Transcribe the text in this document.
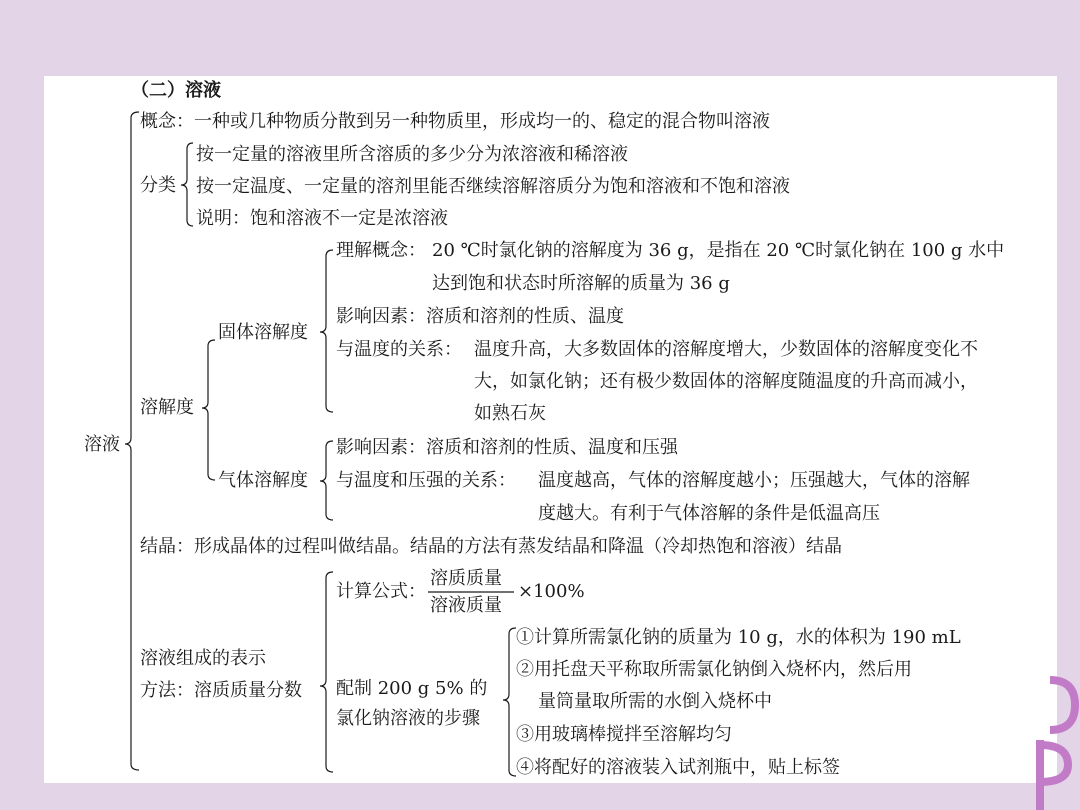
（二）溶液
溶液
概念： 一种或几种物质分散到另一种物质里，形成均一的、稳定的混合物叫溶液
分类
按一定量的溶液里所含溶质的多少分为浓溶液和稀溶液
按一定温度、一定量的溶剂里能否继续溶解溶质分为饱和溶液和不饱和溶液
说明：饱和溶液不一定是浓溶液
溶解度
固体溶解度
理解概念： 20 ℃时氯化钠的溶解度为 36 g，是指在 20 ℃时氯化钠在 100 g 水中
达到饱和状态时所溶解的质量为 36 g
影响因素：溶质和溶剂的性质、温度
与温度的关系： 温度升高，大多数固体的溶解度增大，少数固体的溶解度变化不
大，如氯化钠；还有极少数固体的溶解度随温度的升高而减小，
如熟石灰
气体溶解度
影响因素：溶质和溶剂的性质、温度和压强
与温度和压强的关系： 温度越高，气体的溶解度越小；压强越大，气体的溶解
度越大。有利于气体溶解的条件是低温高压
结晶：形成晶体的过程叫做结晶。结晶的方法有蒸发结晶和降温（冷却热饱和溶液）结晶
溶液组成的表示
方法：溶质质量分数
计算公式：
溶质质量
溶液质量
×100%
配制 200 g 5% 的
氯化钠溶液的步骤
①计算所需氯化钠的质量为 10 g，水的体积为 190 mL
②用托盘天平称取所需氯化钠倒入烧杯内，然后用
量筒量取所需的水倒入烧杯中
③用玻璃棒搅拌至溶解均匀
④将配好的溶液装入试剂瓶中，贴上标签
